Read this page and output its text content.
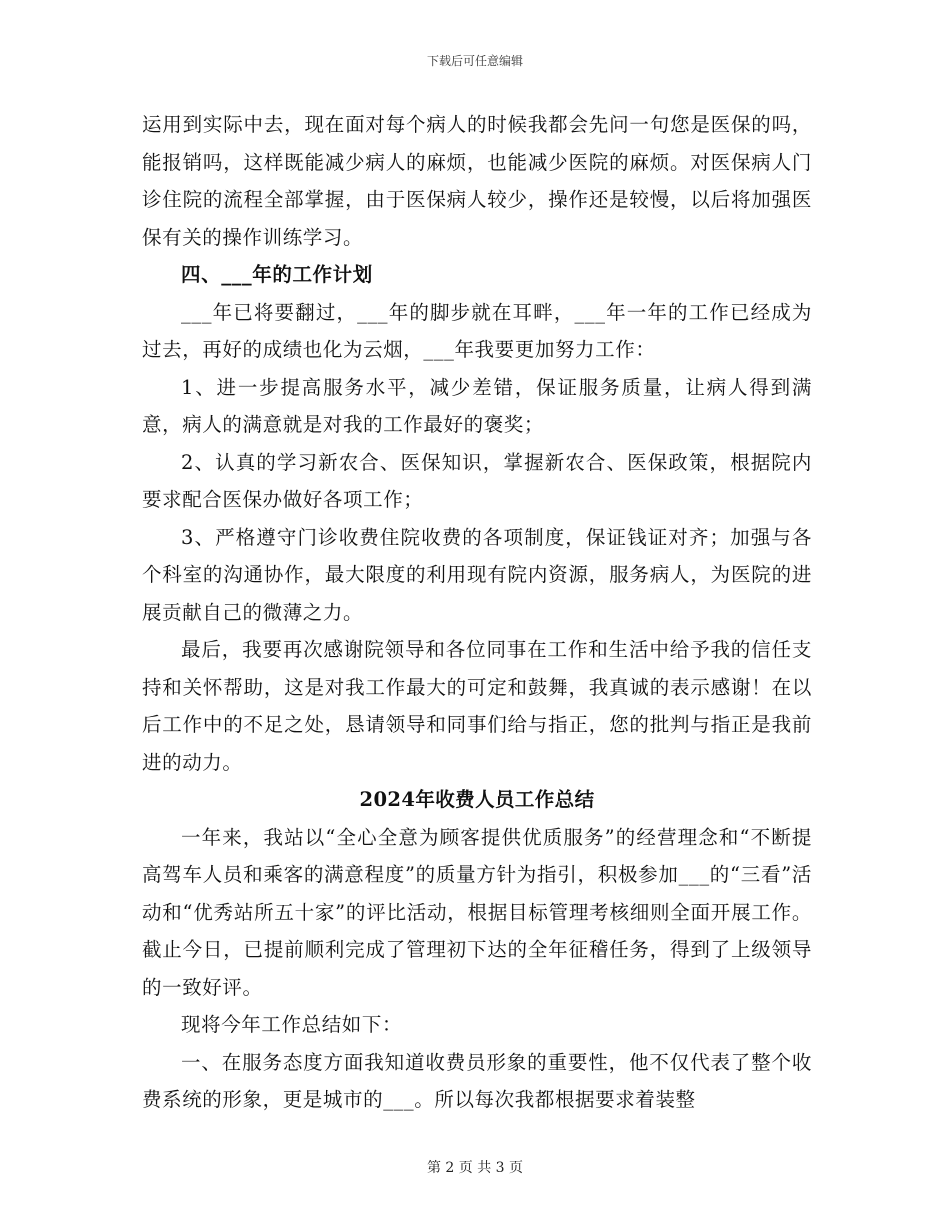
下载后可任意编辑

运用到实际中去，现在面对每个病人的时候我都会先问一句您是医保的吗，能报销吗，这样既能减少病人的麻烦，也能减少医院的麻烦。对医保病人门诊住院的流程全部掌握，由于医保病人较少，操作还是较慢，以后将加强医保有关的操作训练学习。

四、___年的工作计划

___年已将要翻过，___年的脚步就在耳畔，___年一年的工作已经成为过去，再好的成绩也化为云烟，___年我要更加努力工作：

1、进一步提高服务水平，减少差错，保证服务质量，让病人得到满意，病人的满意就是对我的工作最好的褒奖；

2、认真的学习新农合、医保知识，掌握新农合、医保政策，根据院内要求配合医保办做好各项工作；

3、严格遵守门诊收费住院收费的各项制度，保证钱证对齐；加强与各个科室的沟通协作，最大限度的利用现有院内资源，服务病人，为医院的进展贡献自己的微薄之力。

最后，我要再次感谢院领导和各位同事在工作和生活中给予我的信任支持和关怀帮助，这是对我工作最大的可定和鼓舞，我真诚的表示感谢！在以后工作中的不足之处，恳请领导和同事们给与指正，您的批判与指正是我前进的动力。

2024年收费人员工作总结

一年来，我站以“全心全意为顾客提供优质服务”的经营理念和“不断提高驾车人员和乘客的满意程度”的质量方针为指引，积极参加___的“三看”活动和“优秀站所五十家”的评比活动，根据目标管理考核细则全面开展工作。截止今日，已提前顺利完成了管理初下达的全年征稽任务，得到了上级领导的一致好评。

现将今年工作总结如下：

一、在服务态度方面我知道收费员形象的重要性，他不仅代表了整个收费系统的形象，更是城市的___。所以每次我都根据要求着装整

第 2 页 共 3 页
